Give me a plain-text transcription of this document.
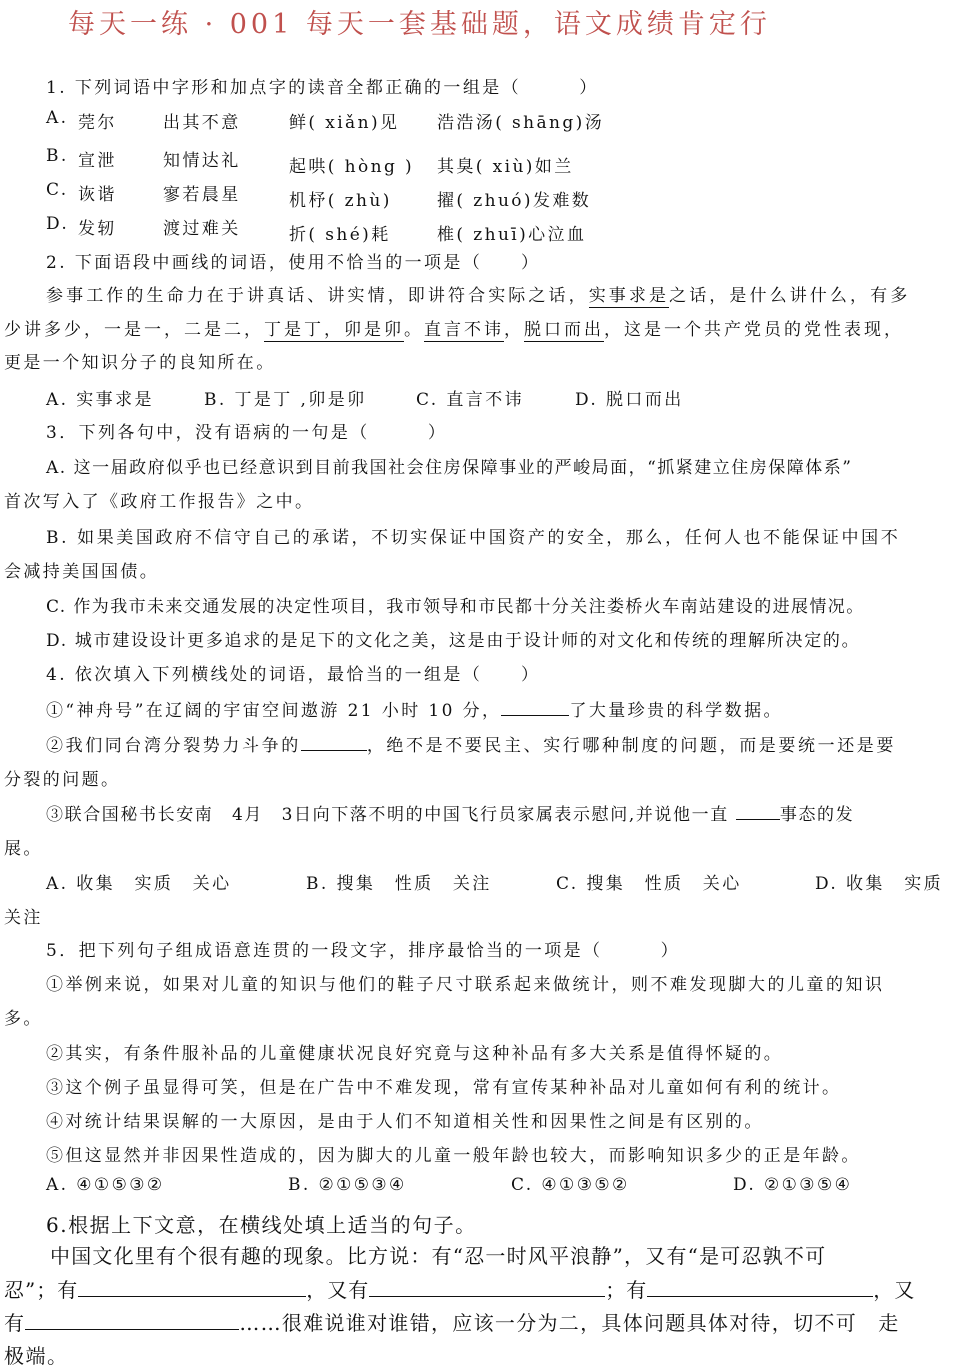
每天一练 · 001 每天一套基础题，语文成绩肯定行
1. 下列词语中字形和加点字的读音全都正确的一组是（　　　）
A. 莞尔	出其不意	鲜( xiǎn)见 浩浩汤( shāng)汤
B. 宣泄	知情达礼	起哄( hòng ) 其臭( xiù)如兰
C. 诙谐	寥若晨星	机杼( zhù)	擢( zhuó)发难数
D. 发轫	渡过难关	折( shé)耗	椎( zhuī)心泣血
2. 下面语段中画线的词语，使用不恰当的一项是（　　）
参事工作的生命力在于讲真话、讲实情，即讲符合实际之话，实事求是之话，是什么讲什么，有多
少讲多少，一是一，二是二，丁是丁，卯是卯。直言不讳，脱口而出，这是一个共产党员的党性表现，
更是一个知识分子的良知所在。
A. 实事求是	B. 丁是丁 ,卯是卯	C. 直言不讳	D. 脱口而出
3．下列各句中，没有语病的一句是（　　　）
A. 这一届政府似乎也已经意识到目前我国社会住房保障事业的严峻局面，“抓紧建立住房保障体系”
首次写入了《政府工作报告》之中。
B. 如果美国政府不信守自己的承诺，不切实保证中国资产的安全，那么，任何人也不能保证中国不
会减持美国国债。
C. 作为我市未来交通发展的决定性项目，我市领导和市民都十分关注娄桥火车南站建设的进展情况。
D. 城市建设设计更多追求的是足下的文化之美，这是由于设计师的对文化和传统的理解所决定的。
4. 依次填入下列横线处的词语，最恰当的一组是（　　）
①“神舟号”在辽阔的宇宙空间遨游 21 小时 10 分，	了大量珍贵的科学数据。
②我们同台湾分裂势力斗争的	，绝不是不要民主、实行哪种制度的问题，而是要统一还是要
分裂的问题。
③联合国秘书长安南　4月　3日向下落不明的中国飞行员家属表示慰问,并说他一直	事态的发
展。
A. 收集　实质　关心	B. 搜集　性质　关注	C. 搜集　性质　关心	D. 收集　实质
关注
5．把下列句子组成语意连贯的一段文字，排序最恰当的一项是（　　　）
①举例来说，如果对儿童的知识与他们的鞋子尺寸联系起来做统计，则不难发现脚大的儿童的知识
多。
②其实，有条件服补品的儿童健康状况良好究竟与这种补品有多大关系是值得怀疑的。
③这个例子虽显得可笑，但是在广告中不难发现，常有宣传某种补品对儿童如何有利的统计。
④对统计结果误解的一大原因，是由于人们不知道相关性和因果性之间是有区别的。
⑤但这显然并非因果性造成的，因为脚大的儿童一般年龄也较大，而影响知识多少的正是年龄。
A. ④①⑤③②	B. ②①⑤③④	C. ④①③⑤②	D. ②①③⑤④
6.根据上下文意，在横线处填上适当的句子。
中国文化里有个很有趣的现象。比方说：有“忍一时风平浪静”，又有“是可忍孰不可
忍”；有	，又有	；有	，又
有	……很难说谁对谁错，应该一分为二，具体问题具体对待，切不可　走
极端。
